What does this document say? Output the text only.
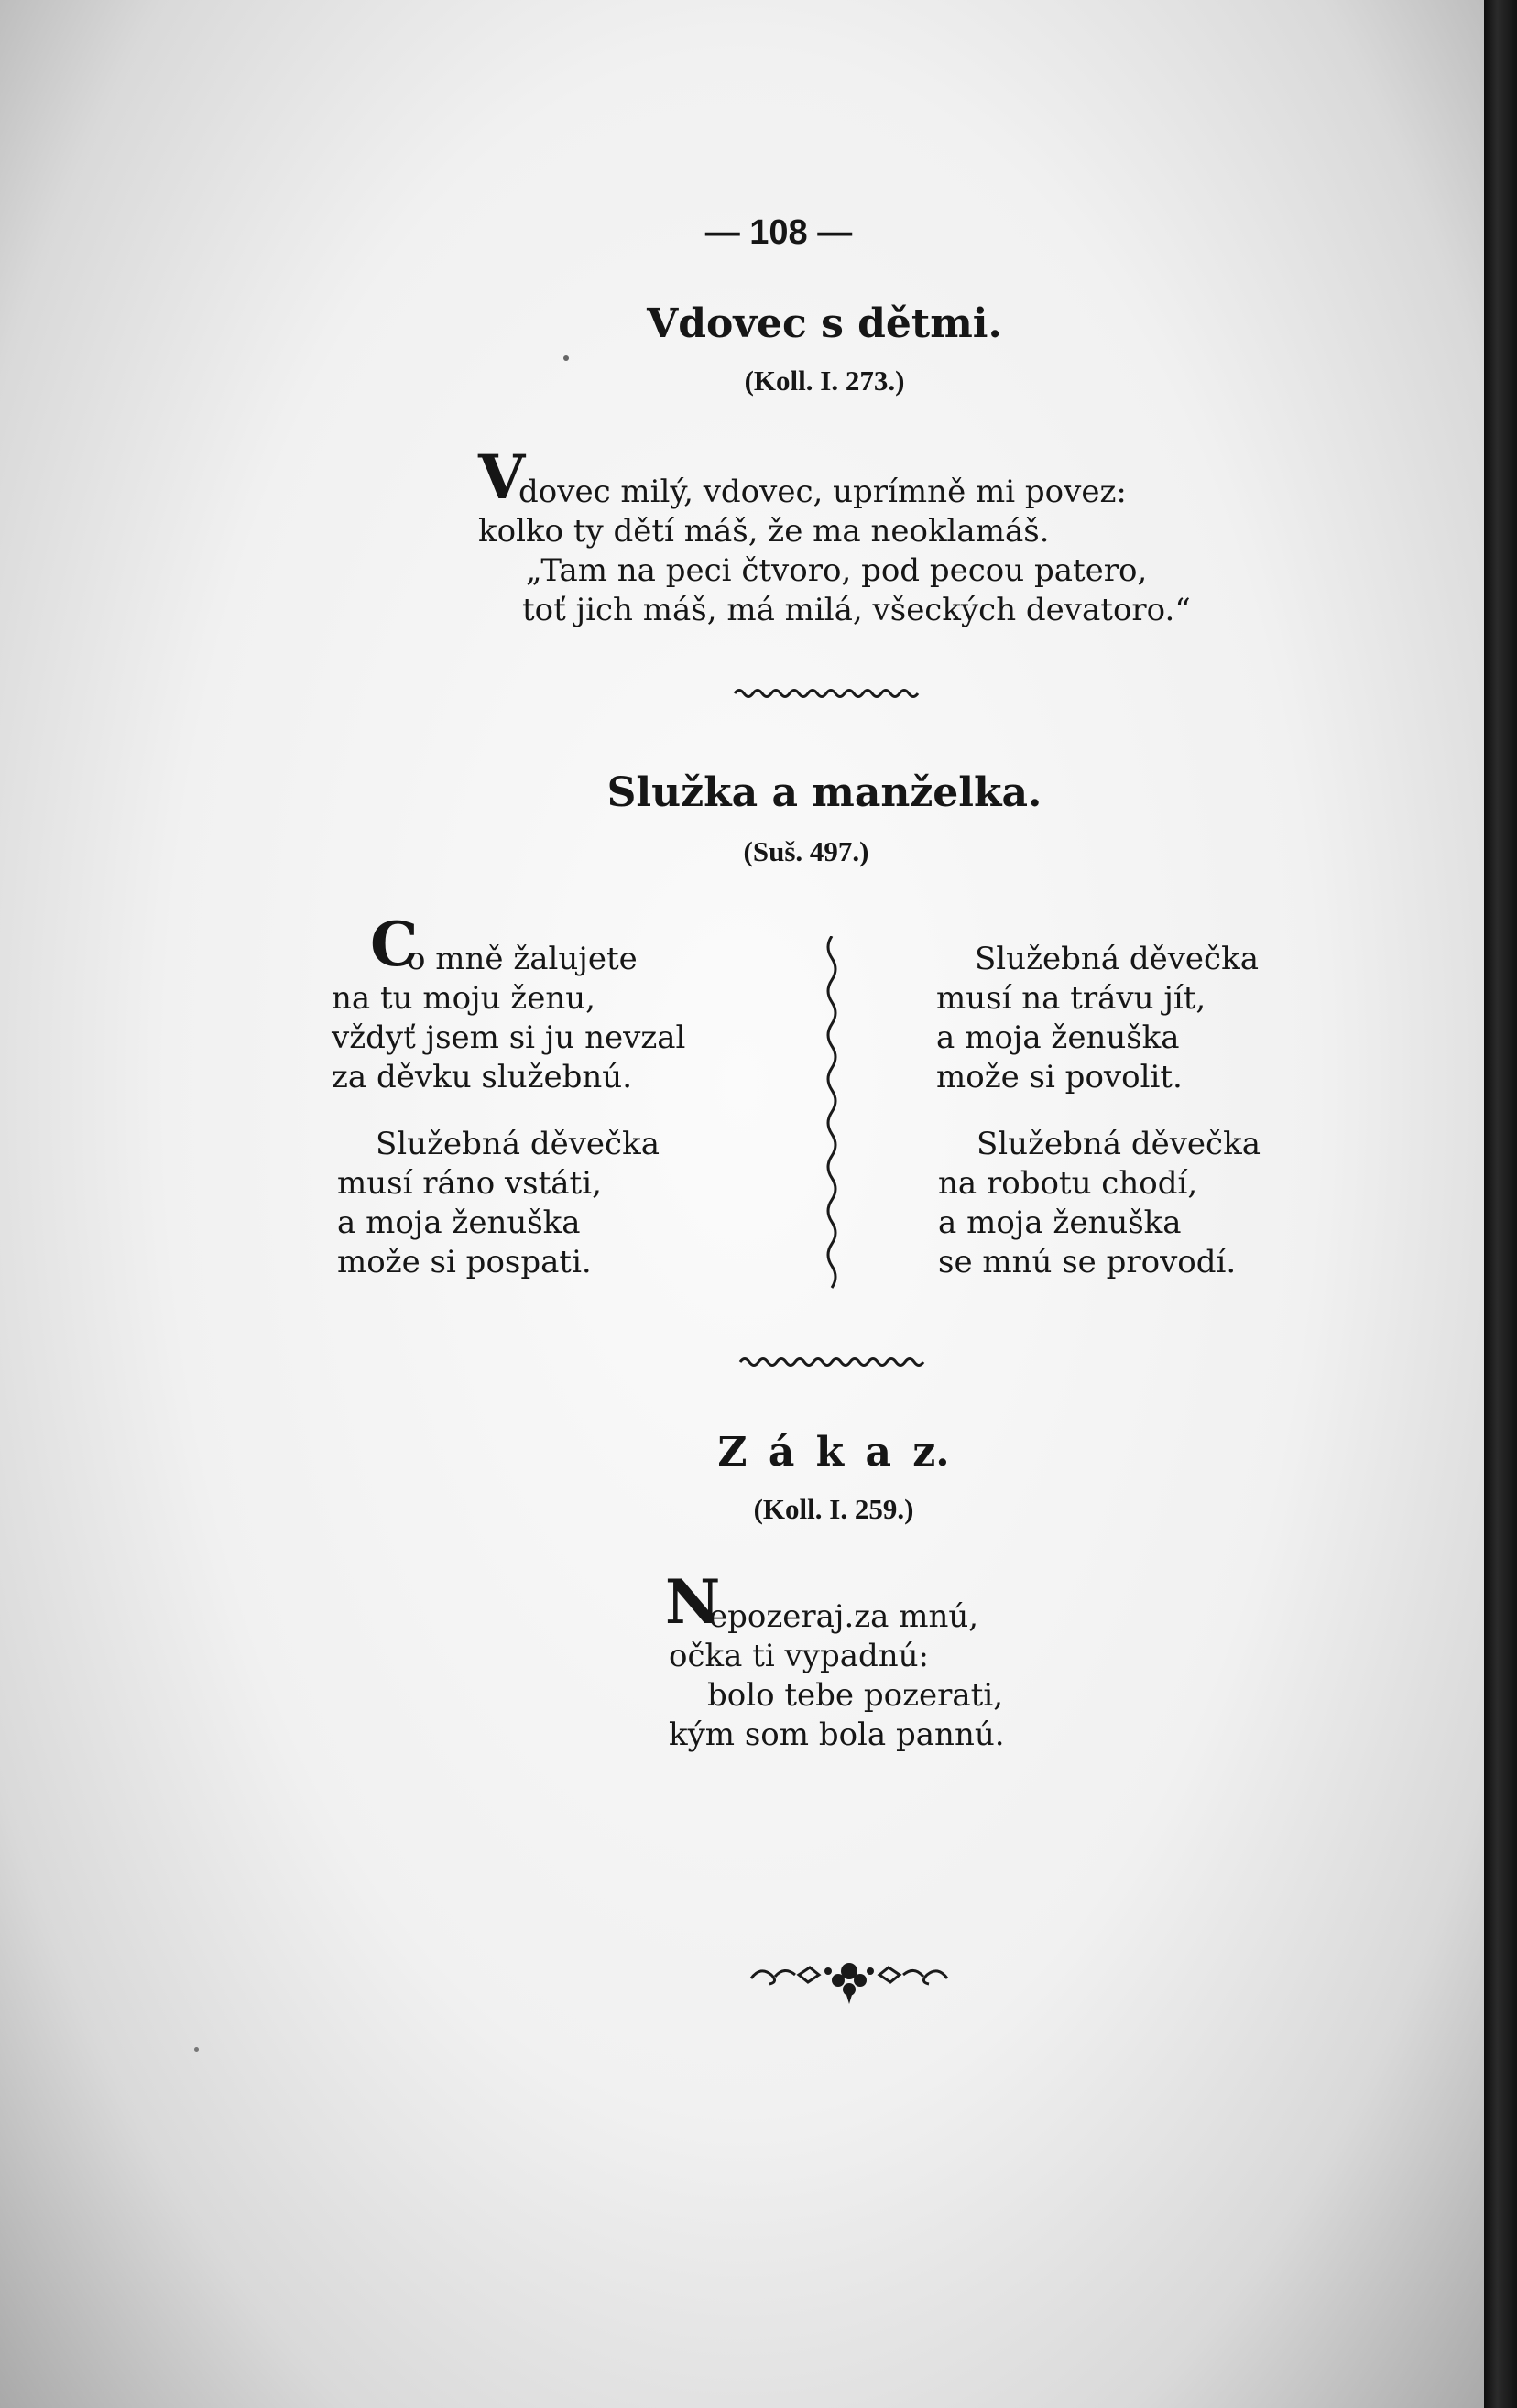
— 108 —
Vdovec s dětmi.
(Koll. I. 273.)
V
dovec milý, vdovec, uprímně mi povez:
kolko ty dětí máš, že ma neoklamáš.
„Tam na peci čtvoro, pod pecou patero,
toť jich máš, má milá, všeckých devatoro.“
Služka a manželka.
(Suš. 497.)
C
o mně žalujete
na tu moju ženu,
vždyť jsem si ju nevzal
za děvku služebnú.
Služebná děvečka
musí ráno vstáti,
a moja ženuška
može si pospati.
Služebná děvečka
musí na trávu jít,
a moja ženuška
može si povolit.
Služebná děvečka
na robotu chodí,
a moja ženuška
se mnú se provodí.
Z á k a z.
(Koll. I. 259.)
N
epozeraj.za mnú,
očka ti vypadnú:
bolo tebe pozerati,
kým som bola pannú.
